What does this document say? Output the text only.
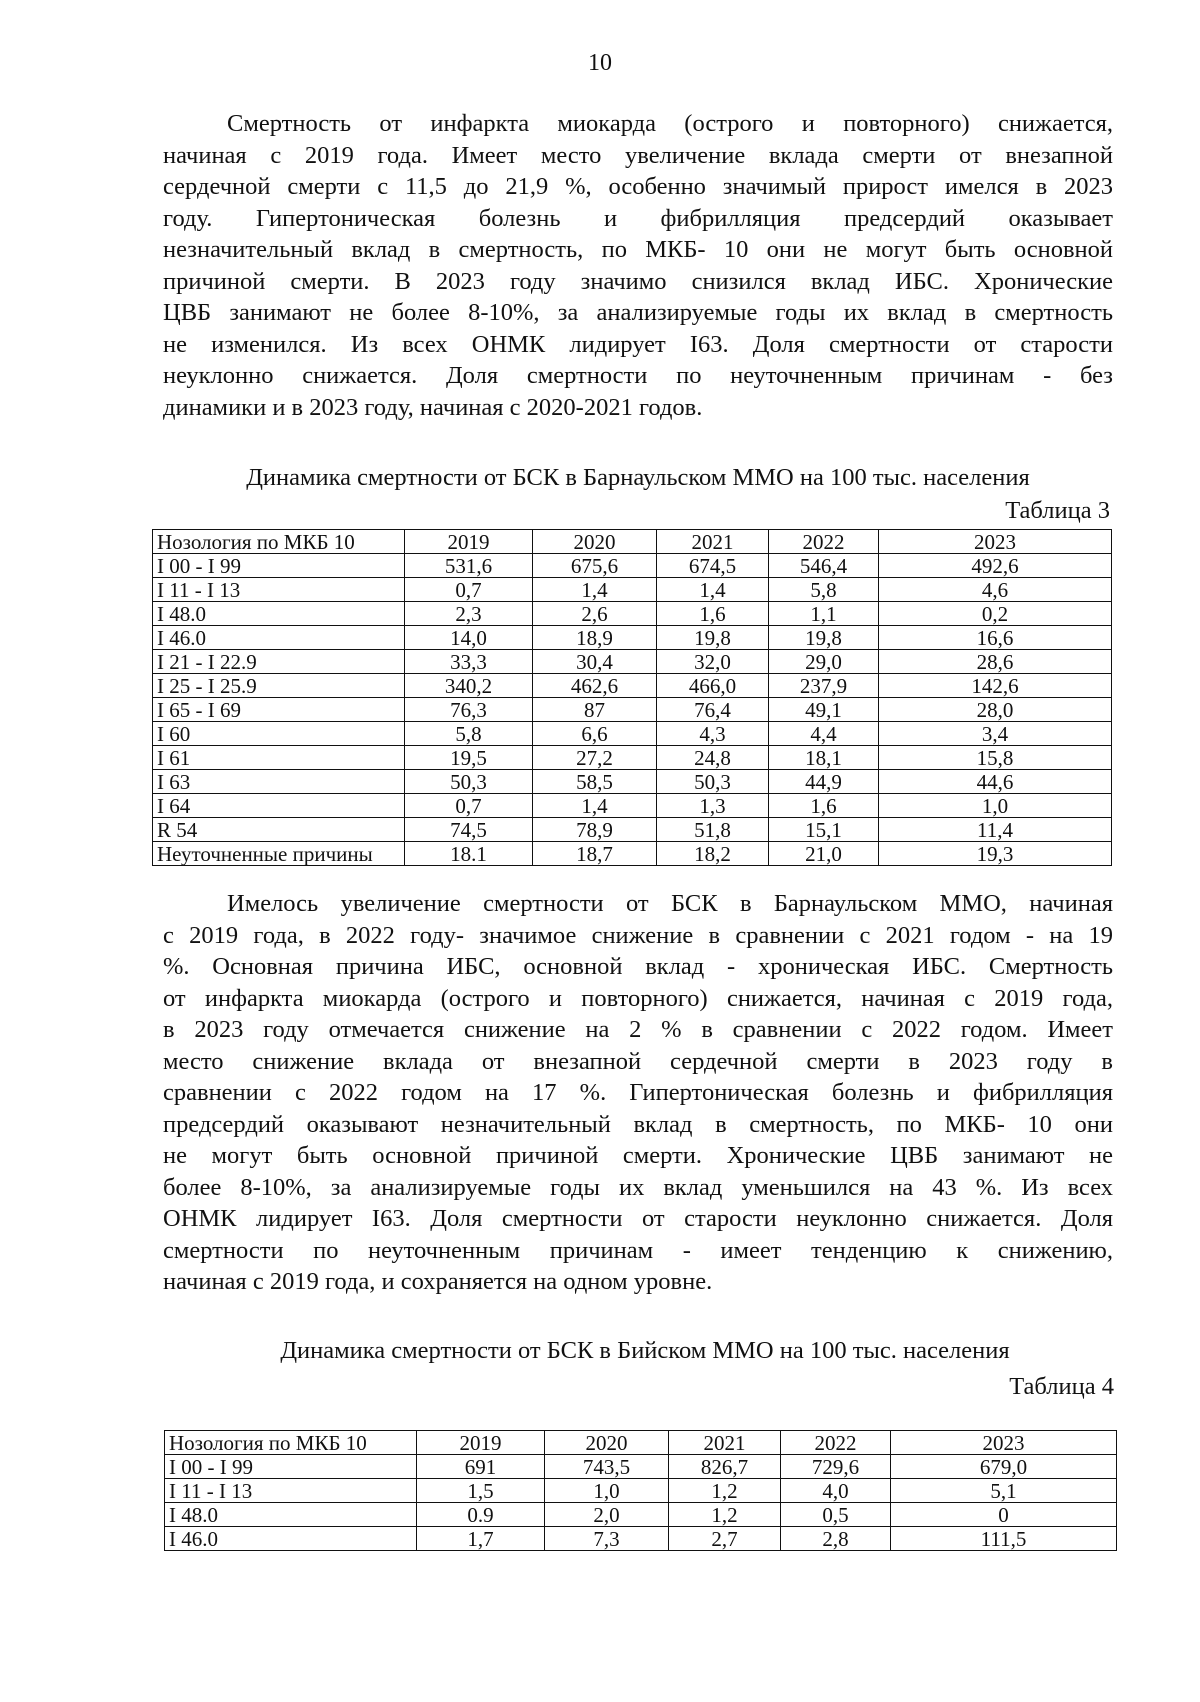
10
Смертность от инфаркта миокарда (острого и повторного) снижается,
начиная с 2019 года. Имеет место увеличение вклада смерти от внезапной
сердечной смерти с 11,5 до 21,9 %, особенно значимый прирост имелся в 2023
году. Гипертоническая болезнь и фибрилляция предсердий оказывает
незначительный вклад в смертность, по МКБ- 10 они не могут быть основной
причиной смерти. В 2023 году значимо снизился вклад ИБС. Хронические
ЦВБ занимают не более 8-10%, за анализируемые годы их вклад в смертность
не изменился. Из всех ОНМК лидирует I63. Доля смертности от старости
неуклонно снижается. Доля смертности по неуточненным причинам - без
динамики и в 2023 году, начиная с 2020-2021 годов.
Динамика смертности от БСК в Барнаульском ММО на 100 тыс. населения
Таблица 3
Нозология по МКБ 10	2019	2020	2021	2022	2023
I 00 - I 99	531,6	675,6	674,5	546,4	492,6
I 11 - I 13	0,7	1,4	1,4	5,8	4,6
I 48.0	2,3	2,6	1,6	1,1	0,2
I 46.0	14,0	18,9	19,8	19,8	16,6
I 21 - I 22.9	33,3	30,4	32,0	29,0	28,6
I 25 - I 25.9	340,2	462,6	466,0	237,9	142,6
I 65 - I 69	76,3	87	76,4	49,1	28,0
I 60	5,8	6,6	4,3	4,4	3,4
I 61	19,5	27,2	24,8	18,1	15,8
I 63	50,3	58,5	50,3	44,9	44,6
I 64	0,7	1,4	1,3	1,6	1,0
R 54	74,5	78,9	51,8	15,1	11,4
Неуточненные причины	18.1	18,7	18,2	21,0	19,3
Имелось увеличение смертности от БСК в Барнаульском ММО, начиная
с 2019 года, в 2022 году- значимое снижение в сравнении с 2021 годом - на 19
%. Основная причина ИБС, основной вклад - хроническая ИБС. Смертность
от инфаркта миокарда (острого и повторного) снижается, начиная с 2019 года,
в 2023 году отмечается снижение на 2 % в сравнении с 2022 годом. Имеет
место снижение вклада от внезапной сердечной смерти в 2023 году в
сравнении с 2022 годом на 17 %. Гипертоническая болезнь и фибрилляция
предсердий оказывают незначительный вклад в смертность, по МКБ- 10 они
не могут быть основной причиной смерти. Хронические ЦВБ занимают не
более 8-10%, за анализируемые годы их вклад уменьшился на 43 %. Из всех
ОНМК лидирует I63. Доля смертности от старости неуклонно снижается. Доля
смертности по неуточненным причинам - имеет тенденцию к снижению,
начиная с 2019 года, и сохраняется на одном уровне.
Динамика смертности от БСК в Бийском ММО на 100 тыс. населения
Таблица 4
Нозология по МКБ 10	2019	2020	2021	2022	2023
I 00 - I 99	691	743,5	826,7	729,6	679,0
I 11 - I 13	1,5	1,0	1,2	4,0	5,1
I 48.0	0.9	2,0	1,2	0,5	0
I 46.0	1,7	7,3	2,7	2,8	111,5
